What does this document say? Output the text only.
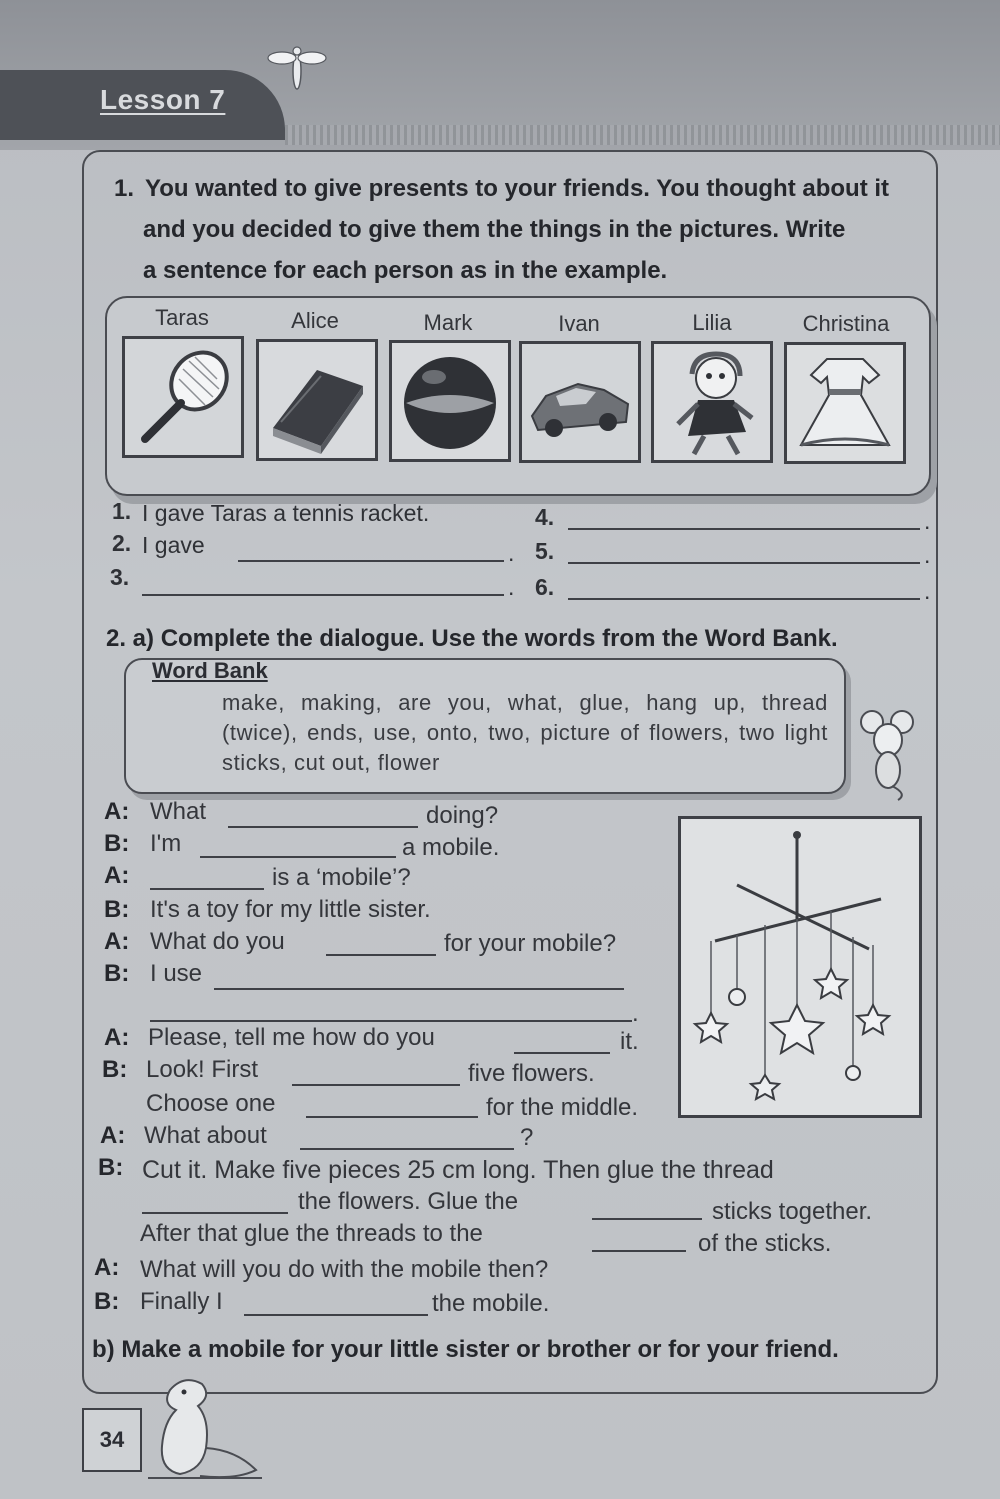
Lesson 7
1. You wanted to give presents to your friends. You thought about it
and you decided to give them the things in the pictures. Write
a sentence for each person as in the example.
Taras	Alice	Mark	Ivan	Lilia	Christina
1. I gave Taras a tennis racket.	4.	.
2. I gave	. 5.	.
3.	. 6.	.
2. a) Complete the dialogue. Use the words from the Word Bank.
Word Bank
make, making, are you, what, glue, hang up, thread (twice), ends, use, onto, two, picture of flowers, two light sticks, cut out, flower
A: What	doing?
B: I'm	a mobile.
A:	is a ‘mobile’?
B: It's a toy for my little sister.
A: What do you	for your mobile?
B: I use
.
A: Please, tell me how do you	it.
B: Look! First	five flowers.
Choose one	for the middle.
A: What about	?
B: Cut it. Make five pieces 25 cm long. Then glue the thread
the flowers. Glue the	sticks together.
After that glue the threads to the	of the sticks.
A: What will you do with the mobile then?
B: Finally I	the mobile.
b) Make a mobile for your little sister or brother or for your friend.
34
